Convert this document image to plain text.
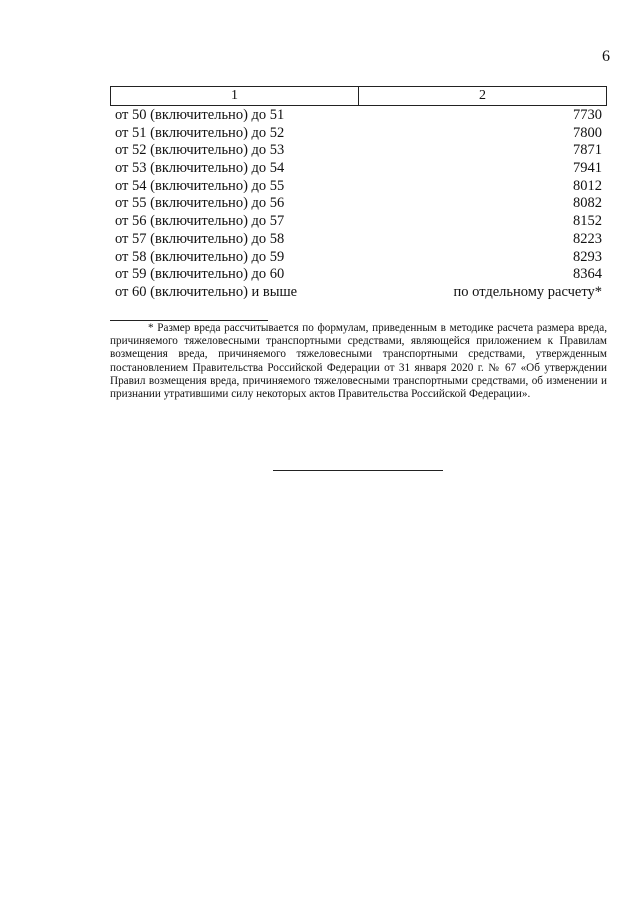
6
1	2
от 50 (включительно) до 51	7730
от 51 (включительно) до 52	7800
от 52 (включительно) до 53	7871
от 53 (включительно) до 54	7941
от 54 (включительно) до 55	8012
от 55 (включительно) до 56	8082
от 56 (включительно) до 57	8152
от 57 (включительно) до 58	8223
от 58 (включительно) до 59	8293
от 59 (включительно) до 60	8364
от 60 (включительно) и выше	по отдельному расчету*
* Размер вреда рассчитывается по формулам, приведенным в методике расчета размера вреда, причиняемого тяжеловесными транспортными средствами, являющейся приложением к Правилам возмещения вреда, причиняемого тяжеловесными транспортными средствами, утвержденным постановлением Правительства Российской Федерации от 31 января 2020 г. № 67 «Об утверждении Правил возмещения вреда, причиняемого тяжеловесными транспортными средствами, об изменении и признании утратившими силу некоторых актов Правительства Российской Федерации».
